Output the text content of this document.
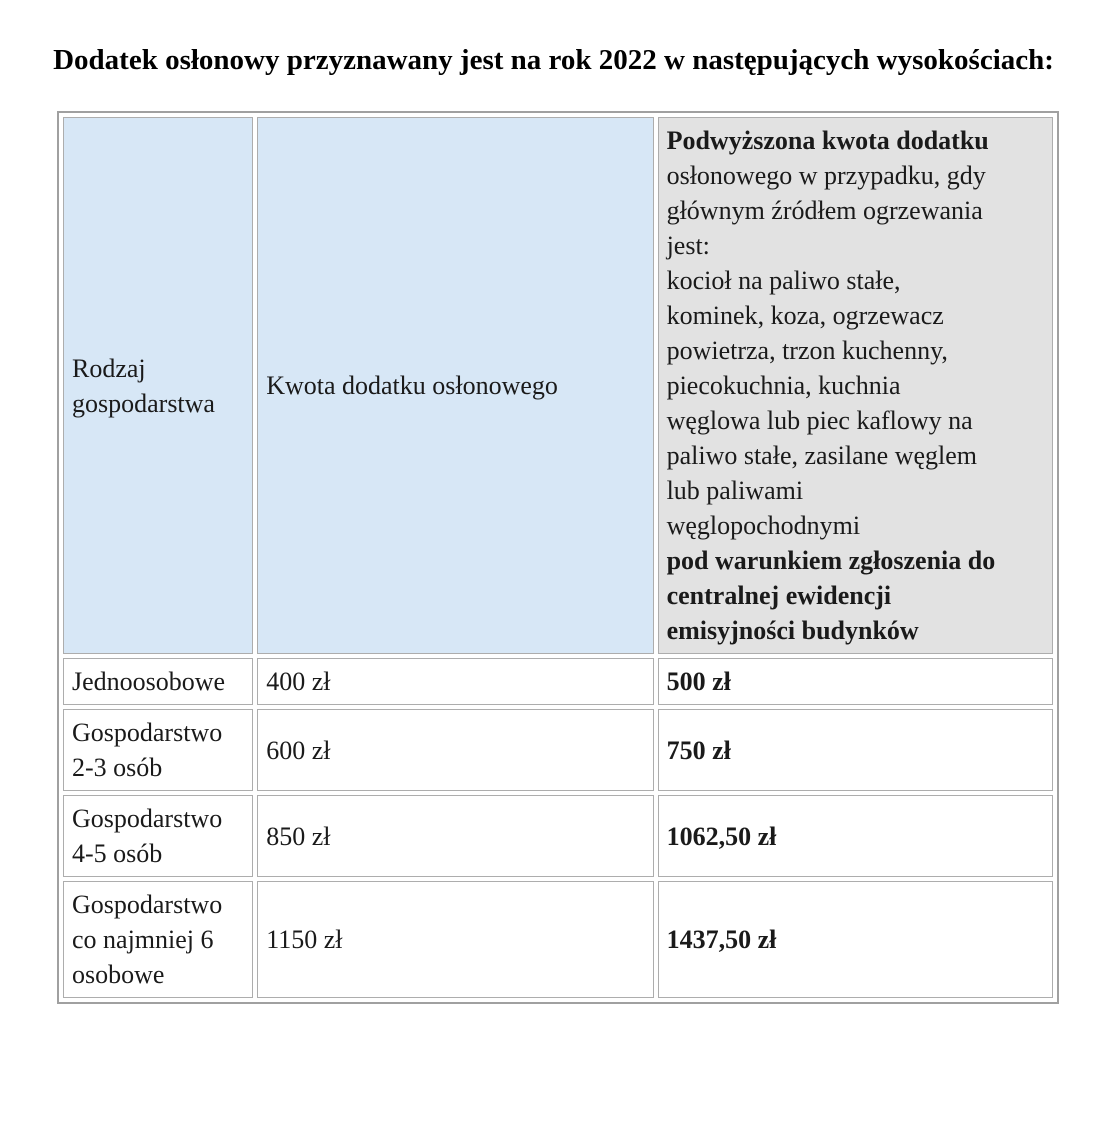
Dodatek osłonowy przyznawany jest na rok 2022 w następujących wysokościach:
Rodzaj gospodarstwa	Kwota dodatku osłonowego	Podwyższona kwota dodatku
osłonowego w przypadku, gdy
głównym źródłem ogrzewania
jest:
kocioł na paliwo stałe,
kominek, koza, ogrzewacz
powietrza, trzon kuchenny,
piecokuchnia, kuchnia
węglowa lub piec kaflowy na
paliwo stałe, zasilane węglem
lub paliwami
węglopochodnymi
pod warunkiem zgłoszenia do
centralnej ewidencji
emisyjności budynków
Jednoosobowe	400 zł	500 zł
Gospodarstwo 2-3 osób	600 zł	750 zł
Gospodarstwo 4-5 osób	850 zł	1062,50 zł
Gospodarstwo co najmniej 6 osobowe	1150 zł	1437,50 zł
